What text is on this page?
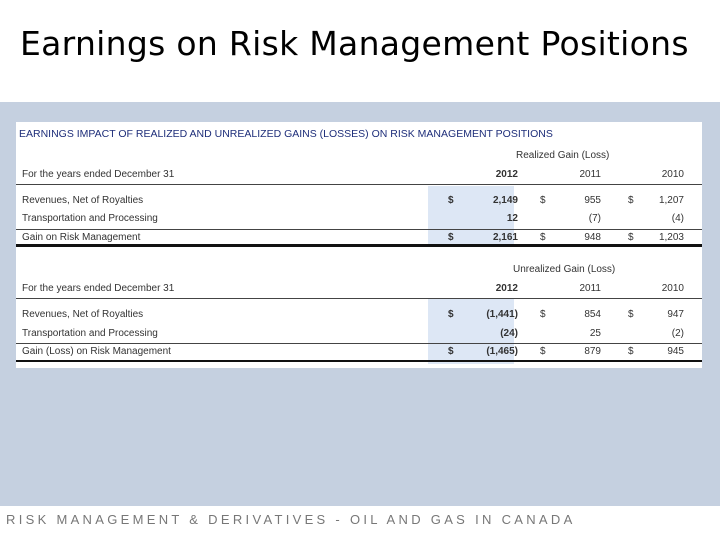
Earnings on Risk Management Positions
EARNINGS IMPACT OF REALIZED AND UNREALIZED GAINS (LOSSES) ON RISK MANAGEMENT POSITIONS
Realized Gain (Loss)
For the years ended December 31	2012	2011	2010
Revenues, Net of Royalties	$	2,149 $	955	$	1,207
Transportation and Processing	12	(7)	(4)
Gain on Risk Management	$	2,161 $	948	$	1,203
Unrealized Gain (Loss)
For the years ended December 31	2012	2011	2010
Revenues, Net of Royalties	$	(1,441) $	854	$	947
Transportation and Processing	(24)	25	(2)
Gain (Loss) on Risk Management	$	(1,465) $	879	$	945
RISK MANAGEMENT & DERIVATIVES - OIL AND GAS IN CANADA
